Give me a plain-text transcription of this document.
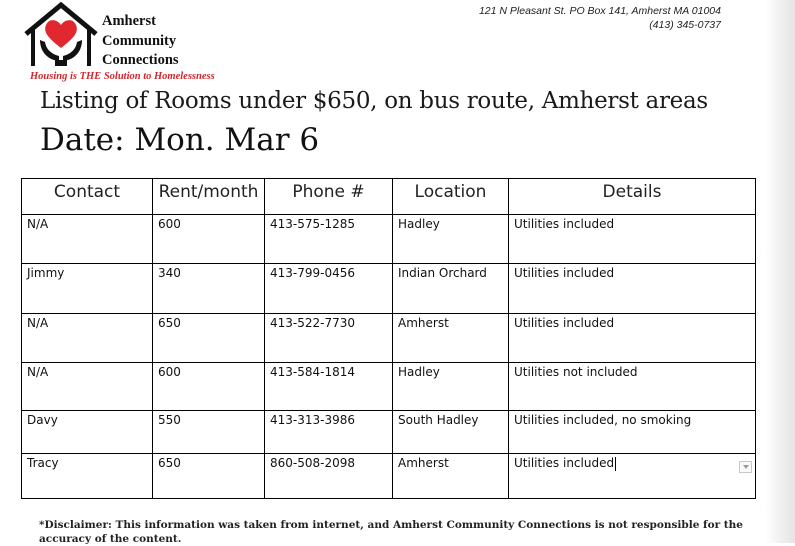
Amherst
Community
Connections
Housing is THE Solution to Homelessness
121 N Pleasant St. PO Box 141, Amherst MA 01004
(413) 345-0737
Listing of Rooms under $650, on bus route, Amherst areas
Date: Mon. Mar 6
Contact	Rent/month	Phone #	Location	Details
N/A	600	413-575-1285	Hadley	Utilities included
Jimmy	340	413-799-0456	Indian Orchard	Utilities included
N/A	650	413-522-7730	Amherst	Utilities included
N/A	600	413-584-1814	Hadley	Utilities not included
Davy	550	413-313-3986	South Hadley	Utilities included, no smoking
Tracy	650	860-508-2098	Amherst	Utilities included
*Disclaimer: This information was taken from internet, and Amherst Community Connections is not responsible for the accuracy of the content.
